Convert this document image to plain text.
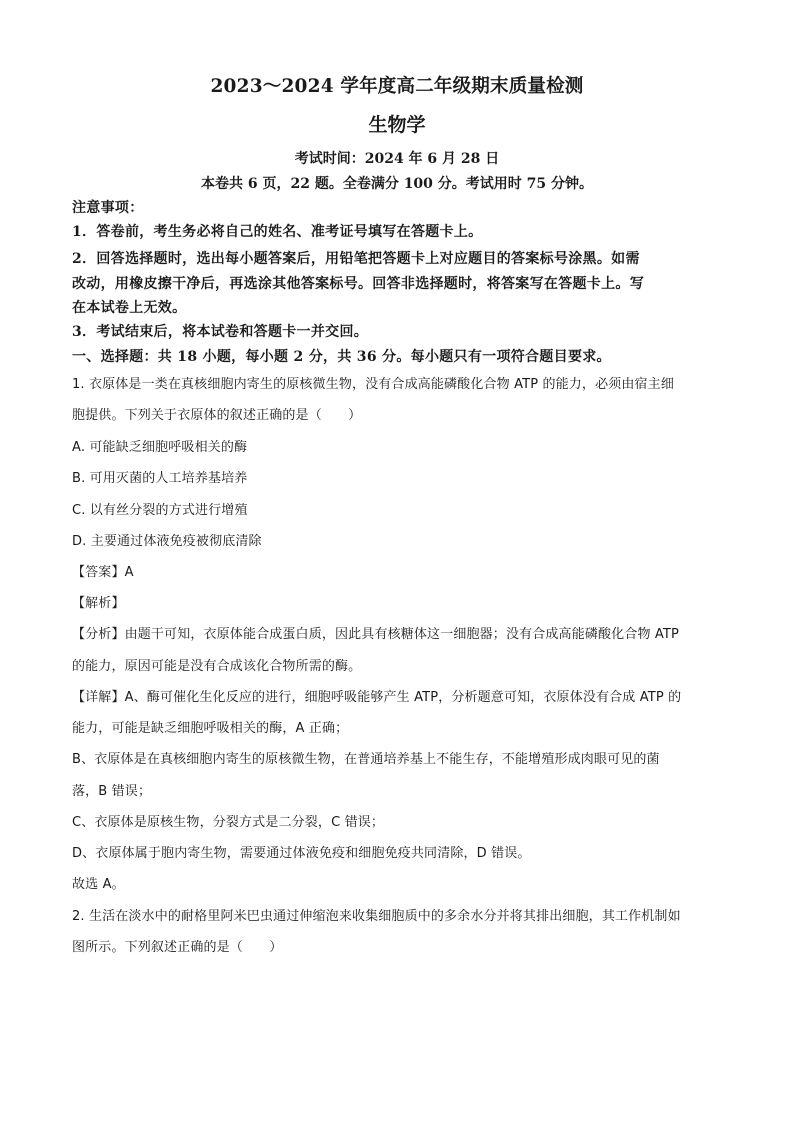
2023～2024 学年度高二年级期末质量检测
生物学
考试时间：2024 年 6 月 28 日
本卷共 6 页，22 题。全卷满分 100 分。考试用时 75 分钟。
注意事项：
1．答卷前，考生务必将自己的姓名、准考证号填写在答题卡上。
2．回答选择题时，选出每小题答案后，用铅笔把答题卡上对应题目的答案标号涂黑。如需
改动，用橡皮擦干净后，再选涂其他答案标号。回答非选择题时，将答案写在答题卡上。写
在本试卷上无效。
3．考试结束后，将本试卷和答题卡一并交回。
一、选择题：共 18 小题，每小题 2 分，共 36 分。每小题只有一项符合题目要求。
1. 衣原体是一类在真核细胞内寄生的原核微生物，没有合成高能磷酸化合物 ATP 的能力，必须由宿主细
胞提供。下列关于衣原体的叙述正确的是（　　）
A. 可能缺乏细胞呼吸相关的酶
B. 可用灭菌的人工培养基培养
C. 以有丝分裂的方式进行增殖
D. 主要通过体液免疫被彻底清除
【答案】A
【解析】
【分析】由题干可知，衣原体能合成蛋白质，因此具有核糖体这一细胞器；没有合成高能磷酸化合物 ATP
的能力，原因可能是没有合成该化合物所需的酶。
【详解】A、酶可催化生化反应的进行，细胞呼吸能够产生 ATP，分析题意可知，衣原体没有合成 ATP 的
能力，可能是缺乏细胞呼吸相关的酶，A 正确；
B、衣原体是在真核细胞内寄生的原核微生物，在普通培养基上不能生存，不能增殖形成肉眼可见的菌
落，B 错误；
C、衣原体是原核生物，分裂方式是二分裂，C 错误；
D、衣原体属于胞内寄生物，需要通过体液免疫和细胞免疫共同清除，D 错误。
故选 A。
2. 生活在淡水中的耐格里阿米巴虫通过伸缩泡来收集细胞质中的多余水分并将其排出细胞，其工作机制如
图所示。下列叙述正确的是（　　）
